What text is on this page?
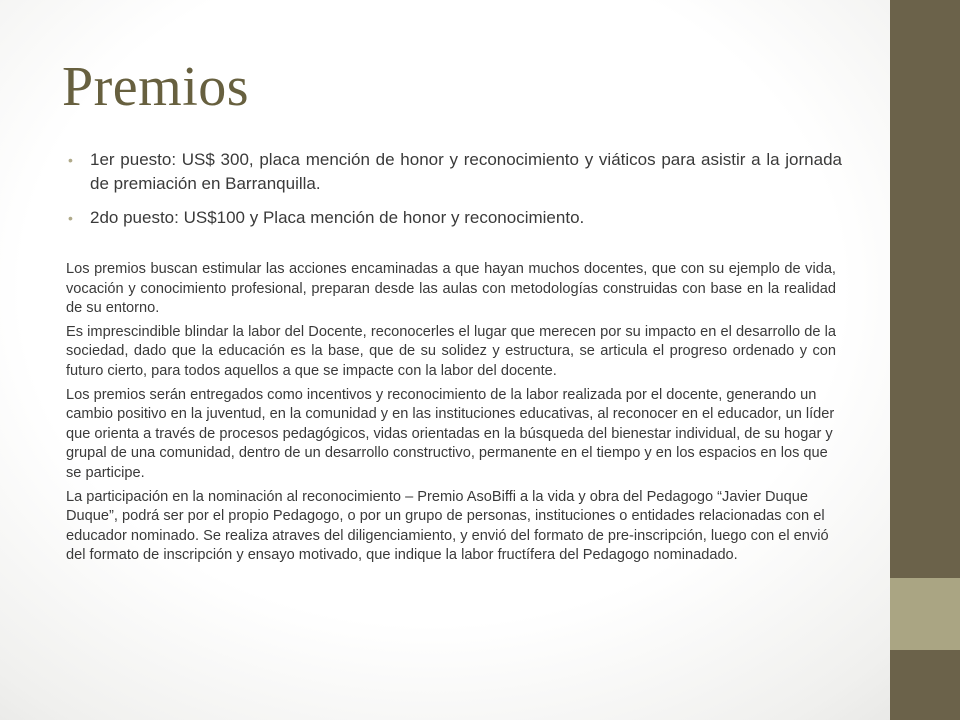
Premios
• 1er puesto: US$ 300, placa mención de honor y reconocimiento y viáticos para asistir a la jornada de premiación en Barranquilla.
• 2do puesto: US$100 y Placa mención de honor y reconocimiento.

Los premios buscan estimular las acciones encaminadas a que hayan muchos docentes, que con su ejemplo de vida, vocación y conocimiento profesional, preparan desde las aulas con metodologías construidas con base en la realidad de su entorno.

Es imprescindible blindar la labor del Docente, reconocerles el lugar que merecen por su impacto en el desarrollo de la sociedad, dado que la educación es la base, que de su solidez y estructura, se articula el progreso ordenado y con futuro cierto, para todos aquellos a que se impacte con la labor del docente.

Los premios serán entregados como incentivos y reconocimiento de la labor realizada por el docente, generando un cambio positivo en la juventud, en la comunidad y en las instituciones educativas, al reconocer en el educador, un líder que orienta a través de procesos pedagógicos, vidas orientadas en la búsqueda del bienestar individual, de su hogar y grupal de una comunidad, dentro de un desarrollo constructivo, permanente en el tiempo y en los espacios en los que se participe.

La participación en la nominación al reconocimiento – Premio AsoBiffi a la vida y obra del Pedagogo “Javier Duque Duque”, podrá ser por el propio Pedagogo, o por un grupo de personas, instituciones o entidades relacionadas con el educador nominado. Se realiza atraves del diligenciamiento, y envió del formato de pre-inscripción, luego con el envió del formato de inscripción y ensayo motivado, que indique la labor fructífera del Pedagogo nominadado.
